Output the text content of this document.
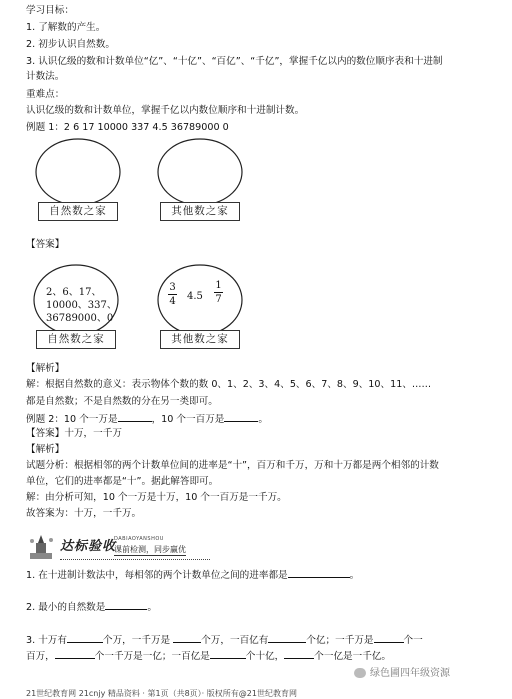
学习目标：
1. 了解数的产生。
2. 初步认识自然数。
3. 认识亿级的数和计数单位“亿”、“十亿”、“百亿”、“千亿”，掌握千亿以内的数位顺序表和十进制
计数法。
重难点：
认识亿级的数和计数单位，掌握千亿以内数位顺序和十进制计数。
例题 1：2 6 17 10000 337 4.5 36789000 0
自然数之家	其他数之家
【答案】
自然数之家
2、6、17、
10000、337、
36789000、0
其他数之家
3
4 4.5
1
7
【解析】
解：根据自然数的意义：表示物体个数的数 0、1、2、3、4、5、6、7、8、9、10、11、……
都是自然数；不是自然数的分在另一类即可。
例题 2：10 个一万是	，10 个一百万是	。
【答案】十万，一千万
【解析】
试题分析：根据相邻的两个计数单位间的进率是“十”，百万和千万，万和十万都是两个相邻的计数
单位，它们的进率都是“十”。据此解答即可。
解：由分析可知，10 个一万是十万，10 个一百万是一千万。
故答案为：十万，一千万。
达标验收
DABIAOYANSHOU
课前检测，同步赢优
1. 在十进制计数法中，每相邻的两个计数单位之间的进率都是	。
2. 最小的自然数是	。
3. 十万有	个万，一千万是	个万，一百亿有	个亿；一千万是	个一
百万，	个一千万是一亿；一百亿是	个十亿，	个一亿是一千亿。
绿色圃四年级资源
21世纪教育网 21cnjy 精品资料 · 第1页（共8页）· 版权所有@21世纪教育网
